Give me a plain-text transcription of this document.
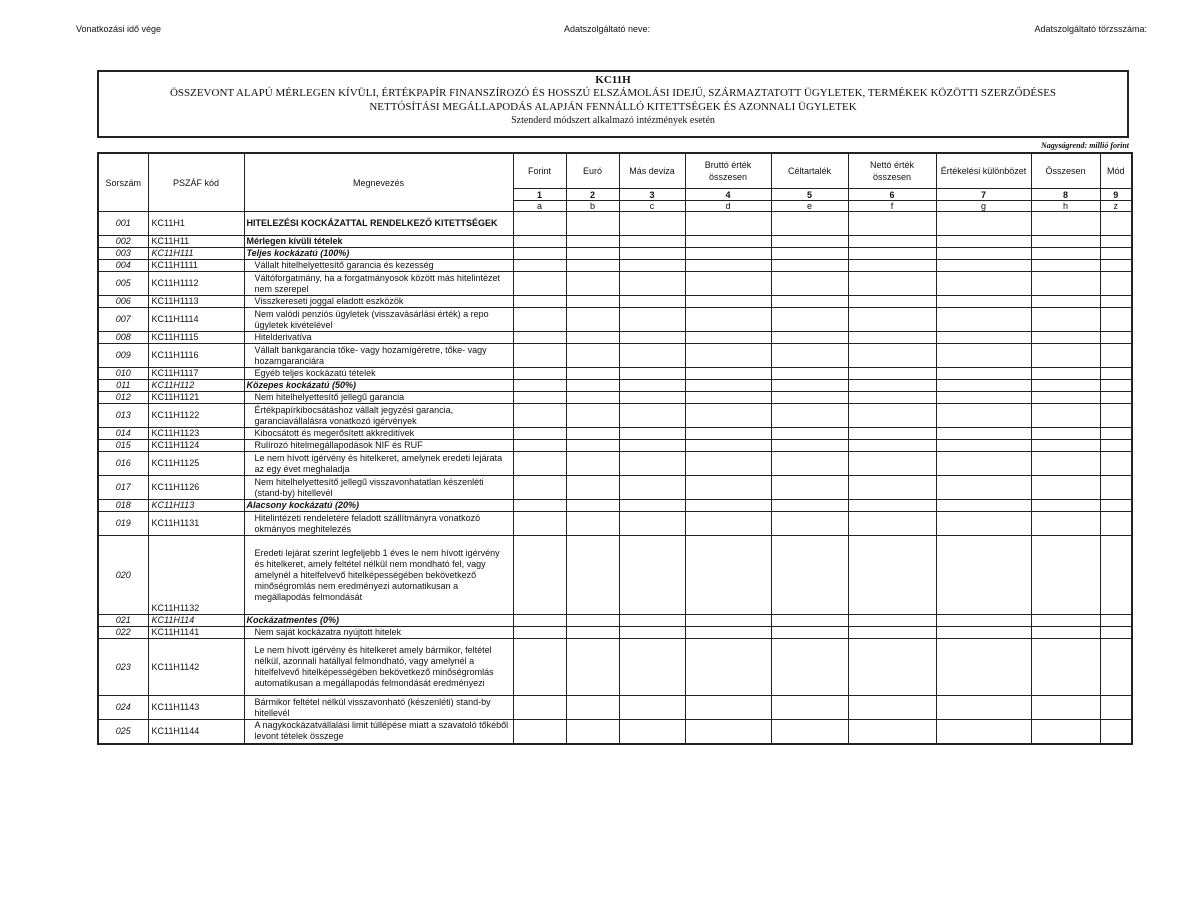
Vonatkozási idő vége	Adatszolgáltató neve:	Adatszolgáltató törzsszáma:
KC11H
ÖSSZEVONT ALAPÚ MÉRLEGEN KÍVÜLI, ÉRTÉKPAPÍR FINANSZÍROZÓ ÉS HOSSZÚ ELSZÁMOLÁSI IDEJŰ, SZÁRMAZTATOTT ÜGYLETEK, TERMÉKEK KÖZÖTTI SZERZŐDÉSES
NETTÓSÍTÁSI MEGÁLLAPODÁS ALAPJÁN FENNÁLLÓ KITETTSÉGEK ÉS AZONNALI ÜGYLETEK
Sztenderd módszert alkalmazó intézmények esetén
Nagyságrend: millió forint
Sorszám	PSZÁF kód	Megnevezés	Forint	Euró	Más deviza	Bruttó érték összesen	Céltartalék	Nettó érték összesen	Értékelési különbözet	Összesen	Mód
			1	2	3	4	5	6	7	8	9
			a	b	c	d	e	f	g	h	z
001	KC11H1	HITELEZÉSI KOCKÁZATTAL RENDELKEZŐ KITETTSÉGEK									
002	KC11H11	Mérlegen kívüli tételek									
003	KC11H111	Teljes kockázatú (100%)									
004	KC11H1111	Vállalt hitelhelyettesítő garancia és kezesség									
005	KC11H1112	Váltóforgatmány, ha a forgatmányosok között más hitelintézet nem szerepel									
006	KC11H1113	Visszkereseti joggal eladott eszközök									
007	KC11H1114	Nem valódi penziós ügyletek (visszavásárlási érték) a repo ügyletek kivételével									
008	KC11H1115	Hitelderivatíva									
009	KC11H1116	Vállalt bankgarancia tőke- vagy hozamígéretre, tőke- vagy hozamgaranciára									
010	KC11H1117	Egyéb teljes kockázatú tételek									
011	KC11H112	Közepes kockázatú (50%)									
012	KC11H1121	Nem hitelhelyettesítő jellegű garancia									
013	KC11H1122	Értékpapírkibocsátáshoz vállalt jegyzési garancia, garanciavállalásra vonatkozó igérvények									
014	KC11H1123	Kibocsátott és megerősített akkreditívek									
015	KC11H1124	Rulírozó hitelmegállapodások NIF és RUF									
016	KC11H1125	Le nem hívott igérvény és hitelkeret, amelynek eredeti lejárata az egy évet meghaladja									
017	KC11H1126	Nem hitelhelyettesítő jellegű visszavonhatatlan készenléti (stand-by) hitellevél									
018	KC11H113	Alacsony kockázatú (20%)									
019	KC11H1131	Hitelintézeti rendeletére feladott szállítmányra vonatkozó okmányos meghitelezés									
020	KC11H1132	Eredeti lejárat szerint legfeljebb 1 éves le nem hívott igérvény és hitelkeret, amely feltétel nélkül nem mondható fel, vagy amelynél a hitelfelvevő hitelképességében bekövetkező minőségromlás nem eredményezi automatikusan a megállapodás felmondását									
021	KC11H114	Kockázatmentes (0%)									
022	KC11H1141	Nem saját kockázatra nyújtott hitelek									
023	KC11H1142	Le nem hívott igérvény és hitelkeret amely bármikor, feltétel nélkül, azonnali hatállyal felmondható, vagy amelynél a hitelfelvevő hitelképességében bekövetkező minőségromlás automatikusan a megállapodás felmondását eredményezi									
024	KC11H1143	Bármikor feltétel nélkül visszavonható (készenléti) stand-by hitellevél									
025	KC11H1144	A nagykockázatvállalási limit túllépése miatt a szavatoló tőkéből levont tételek összege									
